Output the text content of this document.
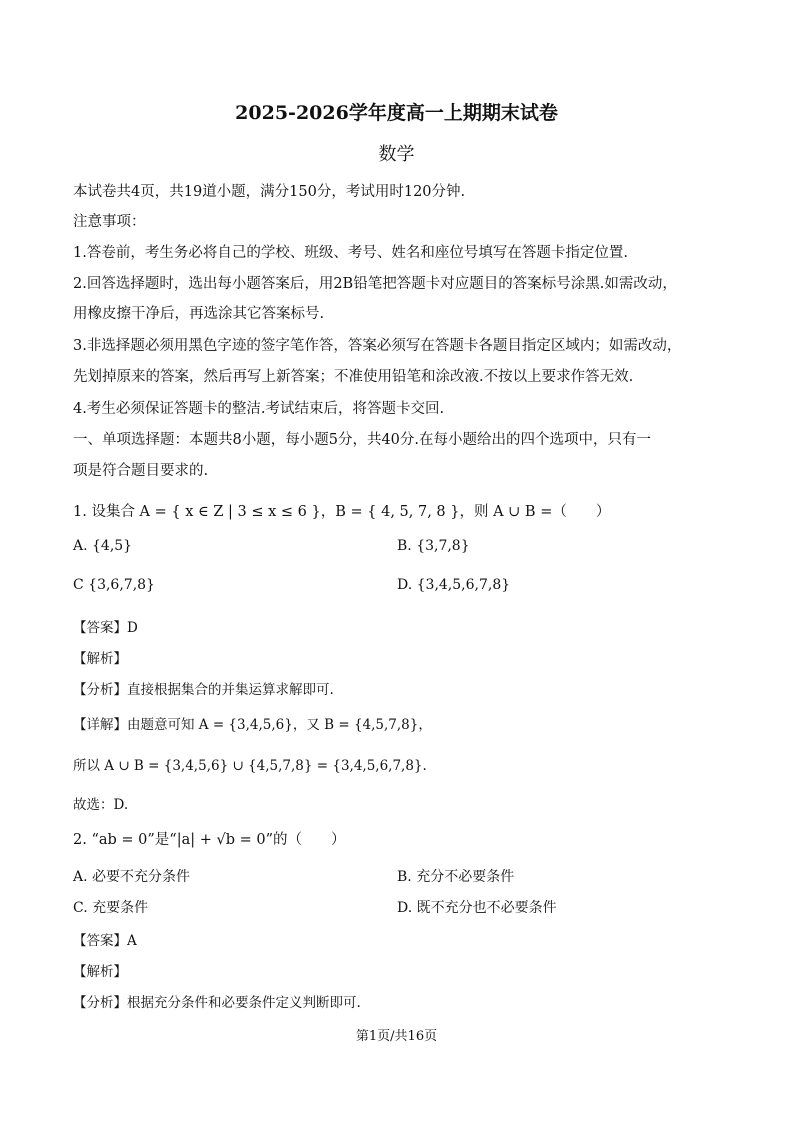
2025-2026学年度高一上期期末试卷
数学
本试卷共4页，共19道小题，满分150分，考试用时120分钟.
注意事项：
1.答卷前，考生务必将自己的学校、班级、考号、姓名和座位号填写在答题卡指定位置.
2.回答选择题时，选出每小题答案后，用2B铅笔把答题卡对应题目的答案标号涂黑.如需改动，
用橡皮擦干净后，再选涂其它答案标号.
3.非选择题必须用黑色字迹的签字笔作答，答案必须写在答题卡各题目指定区域内；如需改动，
先划掉原来的答案，然后再写上新答案；不准使用铅笔和涂改液.不按以上要求作答无效.
4.考生必须保证答题卡的整洁.考试结束后，将答题卡交回.
一、单项选择题：本题共8小题，每小题5分，共40分.在每小题给出的四个选项中，只有一
项是符合题目要求的.
1. 设集合 A = { x ∈ Z | 3 ≤ x ≤ 6 }，B = { 4, 5, 7, 8 }，则 A ∪ B =（　　）
A. {4,5}	B. {3,7,8}
C {3,6,7,8}	D. {3,4,5,6,7,8}
【答案】D
【解析】
【分析】直接根据集合的并集运算求解即可.
【详解】由题意可知 A = {3,4,5,6}，又 B = {4,5,7,8}，
所以 A ∪ B = {3,4,5,6} ∪ {4,5,7,8} = {3,4,5,6,7,8}.
故选：D.
2. “ab = 0”是“|a| + √b = 0”的（　　）
A. 必要不充分条件	B. 充分不必要条件
C. 充要条件	D. 既不充分也不必要条件
【答案】A
【解析】
【分析】根据充分条件和必要条件定义判断即可.
第1页/共16页
